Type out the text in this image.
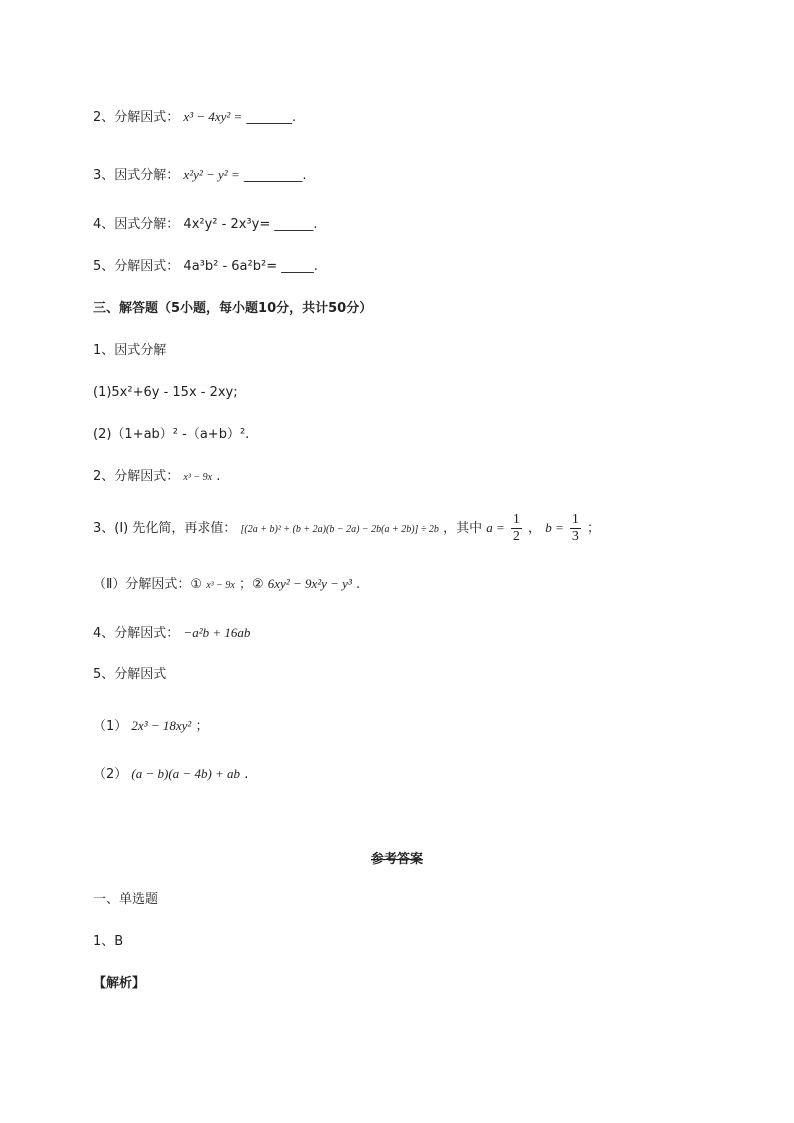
2、分解因式： x³ − 4xy² = _______.
3、因式分解： x²y² − y² = _________.
4、因式分解： 4x²y² - 2x³y= ______.
5、分解因式： 4a³b² - 6a²b²= _____.
三、解答题（5小题，每小题10分，共计50分）
1、因式分解
(1)5x²+6y - 15x - 2xy;
(2)（1+ab）² -（a+b）².
2、分解因式： x³ − 9x .
3、(Ⅰ) 先化简，再求值： [(2a + b)² + (b + 2a)(b − 2a) − 2b(a + 2b)] ÷ 2b ，其中 $a = \frac{1}{2}$ ， $b = \frac{1}{3}$ ；
（Ⅱ）分解因式：① x³ − 9x ；② 6xy² − 9x²y − y³ .
4、分解因式： −a²b + 16ab
5、分解因式
（1） 2x³ − 18xy² ；
（2） (a − b)(a − 4b) + ab .
参考答案
一、单选题
1、B
【解析】
